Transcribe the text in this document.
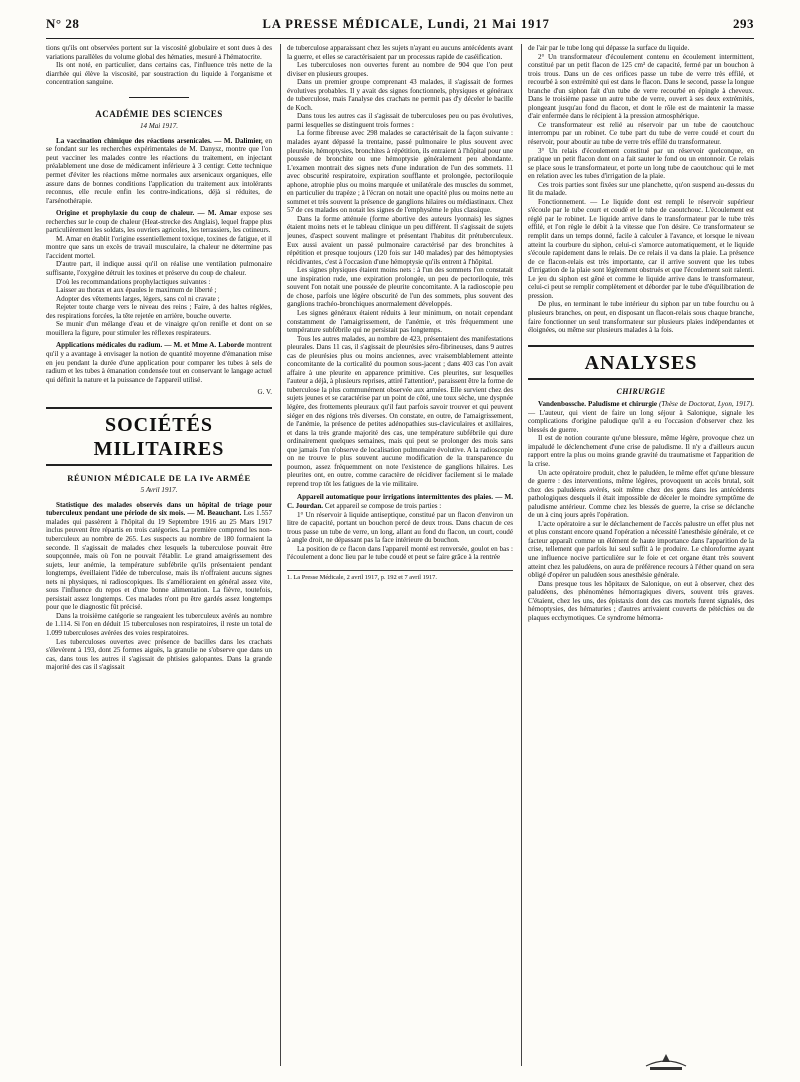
N° 28	LA PRESSE MÉDICALE, Lundi, 21 Mai 1917	293

tions qu'ils ont observées portent sur la viscosité globulaire et sont dues à des variations parallèles du volume global des hématies, mesuré à l'hématocrite.

Ils ont noté, en particulier, dans certains cas, l'influence très nette de la diarrhée qui élève la viscosité, par soustraction du liquide à l'organisme et concentration sanguine.

ACADÉMIE DES SCIENCES
14 Mai 1917.

La vaccination chimique des réactions arsenicales. — M. Dalimier, en se fondant sur les recherches expérimentales de M. Danysz, montre que l'on peut vacciner les malades contre les réactions du traitement, en injectant préalablement une dose de médicament inférieure à 3 centigr. Cette technique permet d'éviter les réactions même normales aux arsenicaux organiques, elle assure dans de bonnes conditions l'application du traitement aux intolérants reconnus, elle recule enfin les contre-indications, déjà si réduites, de l'arsénothérapie.

Origine et prophylaxie du coup de chaleur. — M. Amar expose ses recherches sur le coup de chaleur (Heat-strecke des Anglais), lequel frappe plus particulièrement les soldats, les ouvriers agricoles, les terrassiers, les cotineurs.

M. Amar en établit l'origine essentiellement toxique, toxines de fatigue, et il montre que sans un excès de travail musculaire, la chaleur ne détermine pas l'accident mortel.

D'autre part, il indique aussi qu'il on réalise une ventilation pulmonaire suffisante, l'oxygène détruit les toxines et préserve du coup de chaleur.

D'où les recommandations prophylactiques suivantes :

Laisser au thorax et aux épaules le maximum de liberté ;

Adopter des vêtements larges, légers, sans col ni cravate ;

Rejeter toute charge vers le niveau des reins ; Faire, à des haltes réglées, des respirations forcées, la tête rejetée en arrière, bouche ouverte.

Se munir d'un mélange d'eau et de vinaigre qu'on renifle et dont on se mouillera la figure, pour stimuler les réflexes respirateurs.

Applications médicales du radium. — M. et Mme A. Laborde montrent qu'il y a avantage à envisager la notion de quantité moyenne d'émanation mise en jeu pendant la durée d'une application pour comparer les tubes à sels de radium et les tubes à émanation condensée tout en conservant le langage actuel qui définit la nature et la puissance de l'appareil utilisé.

G. V.
SOCIÉTÉS MILITAIRES
RÉUNION MÉDICALE DE LA IVe ARMÉE
5 Avril 1917.

Statistique des malades observés dans un hôpital de triage pour tuberculeux pendant une période de six mois. — M. Beauchant. Les 1.557 malades qui passèrent à l'hôpital du 19 Septembre 1916 au 25 Mars 1917 inclus peuvent être répartis en trois catégories. La première comprend les non-tuberculeux au nombre de 265. Les suspects au nombre de 180 formaient la seconde. Il s'agissait de malades chez lesquels la tuberculose pouvait être soupçonnée, mais où l'on ne pouvait l'établir. Le grand amaigrissement des sujets, leur anémie, la température subfébrile qu'ils présentaient pendant longtemps, éveillaient l'idée de tuberculose, mais ils n'offraient aucuns signes nets ni physiques, ni radioscopiques. Ils s'amélioraient en général assez vite, sous l'influence du repos et d'une bonne alimentation. La fièvre, toutefois, persistait assez longtemps. Ces malades n'ont pu être gardés assez longtemps pour que le diagnostic fût précisé.

Dans la troisième catégorie se rangeaient les tuberculeux avérés au nombre de 1.114. Si l'on en déduit 15 tuberculoses non respiratoires, il reste un total de 1.099 tuberculoses avérées des voies respiratoires.

Les tuberculoses ouvertes avec présence de bacilles dans les crachats s'élevèrent à 193, dont 25 formes aiguës, la granulie ne s'observe que dans un cas, dans tous les autres il s'agissait de phtisies galopantes. Dans la grande majorité des cas il s'agissait

de tuberculose apparaissant chez les sujets n'ayant eu aucuns antécédents avant la guerre, et elles se caractérisaient par un processus rapide de caséification.

Les tuberculoses non ouvertes furent au nombre de 904 que l'on peut diviser en plusieurs groupes.

Dans un premier groupe comprenant 43 malades, il s'agissait de formes évolutives probables. Il y avait des signes fonctionnels, physiques et généraux de tuberculose, mais l'analyse des crachats ne permit pas d'y déceler le bacille de Koch.

Dans tous les autres cas il s'agissait de tuberculoses peu ou pas évolutives, parmi lesquelles se distinguent trois formes :

La forme fibreuse avec 298 malades se caractérisait de la façon suivante : malades ayant dépassé la trentaine, passé pulmonaire le plus souvent avec pleurésie, hémoptysies, bronchites à répétition, ils entraient à l'hôpital pour une poussée de bronchite ou une hémoptysie généralement peu abondante. L'examen montrait des signes nets d'une induration de l'un des sommets. 11 avec obscurité respiratoire, expiration soufflante et prolongée, pectoriloquie aphone, atrophie plus ou moins marquée et unilatérale des muscles du sommet, en particulier du trapèze ; à l'écran on notait une opacité plus ou moins nette au sommet et très souvent la présence de ganglions hilaires ou médiastinaux. Chez 57 de ces malades on notait les signes de l'emphysème le plus classique.

Dans la forme atténuée (forme abortive des auteurs lyonnais) les signes étaient moins nets et le tableau clinique un peu différent. Il s'agissait de sujets jeunes, d'aspect souvent malingre et présentant l'habitus dit prétuberculeux. Eux aussi avaient un passé pulmonaire caractérisé par des bronchites à répétition et presque toujours (120 fois sur 140 malades) par des hémoptysies récidivantes, c'est à l'occasion d'une hémoptysie qu'ils entrent à l'hôpital.

Les signes physiques étaient moins nets : à l'un des sommets l'on constatait une inspiration rude, une expiration prolongée, un peu de pectoriloquie, très souvent l'on notait une poussée de pleurite concomitante. A la radioscopie peu de chose, parfois une légère obscurité de l'un des sommets, plus souvent des ganglions trachéo-bronchiques anormalement développés.

Les signes généraux étaient réduits à leur minimum, on notait cependant constamment de l'amaigrissement, de l'anémie, et très fréquemment une température subfébrile qui ne persistait pas longtemps.

Tous les autres malades, au nombre de 423, présentaient des manifestations pleurales. Dans 11 cas, il s'agissait de pleurésies séro-fibrineuses, dans 9 autres cas de pleurésies plus ou moins anciennes, avec vraisemblablement atteinte concomitante de la corticalité du poumon sous-jacent ; dans 403 cas l'on avait affaire à une pleurite en apparence primitive. Ces pleurites, sur lesquelles l'auteur a déjà, à plusieurs reprises, attiré l'attention¹, paraissent être la forme de tuberculose la plus communément observée aux armées. Elle survient chez des sujets jeunes et se caractérise par un point de côté, une toux sèche, une dyspnée légère, des frottements pleuraux qu'il faut parfois savoir trouver et qui peuvent siéger en des régions très diverses. On constate, en outre, de l'amaigrissement, de l'anémie, la présence de petites adénopathies sus-claviculaires et axillaires, et dans la très grande majorité des cas, une température subfébrile qui dure ordinairement quelques semaines, mais qui peut se prolonger des mois sans que jamais l'on n'observe de localisation pulmonaire évolutive. A la radioscopie on ne trouve le plus souvent aucune modification de la transparence du poumon, assez fréquemment on note l'existence de ganglions hilaires. Les pleurites ont, en outre, comme caractère de récidiver facilement si le malade reprend trop tôt les fatigues de la vie militaire.

Appareil automatique pour irrigations intermittentes des plaies. — M. C. Jourdan. Cet appareil se compose de trois parties :

1° Un réservoir à liquide antiseptique, constitué par un flacon d'environ un litre de capacité, portant un bouchon percé de deux trous. Dans chacun de ces trous passe un tube de verre, un long, allant au fond du flacon, un court, coudé à angle droit, ne dépassant pas la face intérieure du bouchon.

La position de ce flacon dans l'appareil monté est renversée, goulot en bas : l'écoulement a donc lieu par le tube coudé et peut se faire grâce à la rentrée

1. La Presse Médicale, 2 avril 1917, p. 192 et 7 avril 1917.

de l'air par le tube long qui dépasse la surface du liquide.

2° Un transformateur d'écoulement contenu en écoulement intermittent, constitué par un petit flacon de 125 cm³ de capacité, fermé par un bouchon à trois trous. Dans un de ces orifices passe un tube de verre très effilé, et recourbé à son extrémité qui est dans le flacon. Dans le second, passe la longue branche d'un siphon fait d'un tube de verre recourbé en épingle à cheveux. Dans le troisième passe un autre tube de verre, ouvert à ses deux extrémités, plongeant jusqu'au fond du flacon, et dont le rôle est de maintenir la masse d'air enfermée dans le récipient à la pression atmosphérique.

Ce transformateur est relié au réservoir par un tube de caoutchouc interrompu par un robinet. Ce tube part du tube de verre coudé et court du réservoir, pour aboutir au tube de verre très effilé du transformateur.

3° Un relais d'écoulement constitué par un réservoir quelconque, en pratique un petit flacon dont on a fait sauter le fond ou un entonnoir. Ce relais se place sous le transformateur, et porte un long tube de caoutchouc qui le met en relation avec les tubes d'irrigation de la plaie.

Ces trois parties sont fixées sur une planchette, qu'on suspend au-dessus du lit du malade.

Fonctionnement. — Le liquide dont est rempli le réservoir supérieur s'écoule par le tube court et coudé et le tube de caoutchouc. L'écoulement est réglé par le robinet. Le liquide arrive dans le transformateur par le tube très effilé, et l'on règle le débit à la vitesse que l'on désire. Ce transformateur se remplit dans un temps donné, facile à calculer à l'avance, et lorsque le niveau atteint la courbure du siphon, celui-ci s'amorce automatiquement, et le liquide s'écoule rapidement dans le relais. De ce relais il va dans la plaie. La présence de ce flacon-relais est très importante, car il arrive souvent que les tubes d'irrigation de la plaie sont légèrement obstrués et que l'écoulement soit ralenti. Le jeu du siphon est gêné et comme le liquide arrive dans le transformateur, celui-ci peut se remplir complètement et déborder par le tube d'équilibration de pression.

De plus, en terminant le tube intérieur du siphon par un tube fourchu ou à plusieurs branches, on peut, en disposant un flacon-relais sous chaque branche, faire fonctionner un seul transformateur sur plusieurs plaies indépendantes et éloignées, ou même sur plusieurs malades à la fois.

ANALYSES
CHIRURGIE

Vandenbossche. Paludisme et chirurgie (Thèse de Doctorat, Lyon, 1917). — L'auteur, qui vient de faire un long séjour à Salonique, signale les complications d'origine paludique qu'il a eu l'occasion d'observer chez les blessés de guerre.

Il est de notion courante qu'une blessure, même légère, provoque chez un impaludé le déclenchement d'une crise de paludisme. Il n'y a d'ailleurs aucun rapport entre la plus ou moins grande gravité du traumatisme et l'apparition de la crise.

Un acte opératoire produit, chez le paludéen, le même effet qu'une blessure de guerre : des interventions, même légères, provoquent un accès brutal, soit chez des paludéens avérés, soit même chez des gens dans les antécédents pathologiques desquels il était impossible de déceler le moindre symptôme de paludisme antérieur. Comme chez les blessés de guerre, la crise se déclanche de un à cinq jours après l'opération.

L'acte opératoire a sur le déclanchement de l'accès palustre un effet plus net et plus constant encore quand l'opération a nécessité l'anesthésie générale, et ce facteur apparaît comme un élément de haute importance dans l'apparition de la crise, tellement que parfois lui seul suffit à le produire. Le chloroforme ayant une influence nocive particulière sur le foie et cet organe étant très souvent atteint chez les paludéens, on aura de préférence recours à l'éther quand on sera obligé d'opérer un paludéen sous anesthésie générale.

Dans presque tous les hôpitaux de Salonique, on eut à observer, chez des paludéens, des phénomènes hémorragiques divers, souvent très graves. C'étaient, chez les uns, des épistaxis dont des cas mortels furent signalés, des hémoptysies, des hématuries ; d'autres arrivaient couverts de pétéchies ou de plaques ecchymotiques. Ce syndrome hémorra-
